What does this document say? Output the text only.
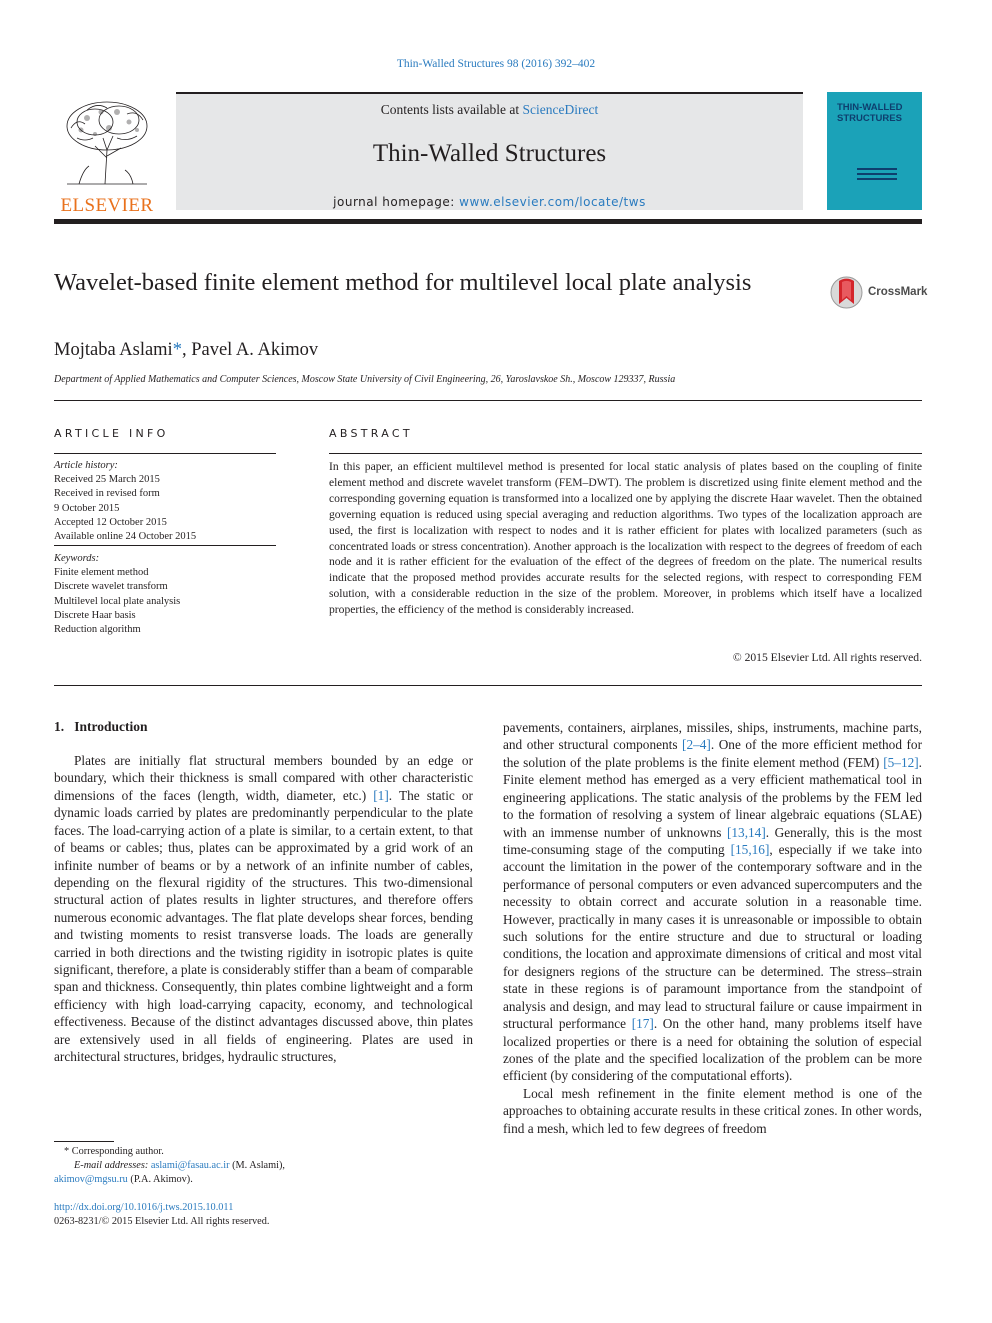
Thin-Walled Structures 98 (2016) 392–402
ELSEVIER
Contents lists available at ScienceDirect
Thin-Walled Structures
journal homepage: www.elsevier.com/locate/tws
THIN-WALLED
STRUCTURES
Wavelet-based finite element method for multilevel local plate analysis	CrossMark
Mojtaba Aslami*, Pavel A. Akimov
Department of Applied Mathematics and Computer Sciences, Moscow State University of Civil Engineering, 26, Yaroslavskoe Sh., Moscow 129337, Russia
ARTICLE INFO
Article history:
Received 25 March 2015
Received in revised form
9 October 2015
Accepted 12 October 2015
Available online 24 October 2015
Keywords:
Finite element method
Discrete wavelet transform
Multilevel local plate analysis
Discrete Haar basis
Reduction algorithm
ABSTRACT
In this paper, an efficient multilevel method is presented for local static analysis of plates based on the coupling of finite element method and discrete wavelet transform (FEM–DWT). The problem is discretized using finite element method and the corresponding governing equation is transformed into a localized one by applying the discrete Haar wavelet. Then the obtained governing equation is reduced using special averaging and reduction algorithms. Two types of the localization approach are used, the first is localization with respect to nodes and it is rather efficient for plates with localized parameters (such as concentrated loads or stress concentration). Another approach is the localization with respect to the degrees of freedom of each node and it is rather efficient for the evaluation of the effect of the degrees of freedom on the plate. The numerical results indicate that the proposed method provides accurate results for the selected regions, with respect to corresponding FEM solution, with a considerable reduction in the size of the problem. Moreover, in problems which itself have a localized properties, the efficiency of the method is considerably increased.
© 2015 Elsevier Ltd. All rights reserved.
1. Introduction

Plates are initially flat structural members bounded by an edge or boundary, which their thickness is small compared with other characteristic dimensions of the faces (length, width, diameter, etc.) [1]. The static or dynamic loads carried by plates are predominantly perpendicular to the plate faces. The load-carrying action of a plate is similar, to a certain extent, to that of beams or cables; thus, plates can be approximated by a grid work of an infinite number of beams or by a network of an infinite number of cables, depending on the flexural rigidity of the structures. This two-dimensional structural action of plates results in lighter structures, and therefore offers numerous economic advantages. The flat plate develops shear forces, bending and twisting moments to resist transverse loads. The loads are generally carried in both directions and the twisting rigidity in isotropic plates is quite significant, therefore, a plate is considerably stiffer than a beam of comparable span and thickness. Consequently, thin plates combine lightweight and a form efficiency with high load-carrying capacity, economy, and technological effectiveness. Because of the distinct advantages discussed above, thin plates are extensively used in all fields of engineering. Plates are used in architectural structures, bridges, hydraulic structures,

pavements, containers, airplanes, missiles, ships, instruments, machine parts, and other structural components [2–4]. One of the more efficient method for the solution of the plate problems is the finite element method (FEM) [5–12]. Finite element method has emerged as a very efficient mathematical tool in engineering applications. The static analysis of the problems by the FEM led to the formation of resolving a system of linear algebraic equations (SLAE) with an immense number of unknowns [13,14]. Generally, this is the most time-consuming stage of the computing [15,16], especially if we take into account the limitation in the power of the contemporary software and in the performance of personal computers or even advanced supercomputers and the necessity to obtain correct and accurate solution in a reasonable time. However, practically in many cases it is unreasonable or impossible to obtain such solutions for the entire structure and due to structural or loading conditions, the location and approximate dimensions of critical and most vital for designers regions of the structure can be determined. The stress–strain state in these regions is of paramount importance from the standpoint of analysis and design, and may lead to structural failure or cause impairment in structural performance [17]. On the other hand, many problems itself have localized properties or there is a need for obtaining the solution of especial zones of the plate and the specified localization of the problem can be more efficient (by considering of the computational efforts).

Local mesh refinement in the finite element method is one of the approaches to obtaining accurate results in these critical zones. In other words, find a mesh, which led to few degrees of freedom

* Corresponding author.
E-mail addresses: aslami@fasau.ac.ir (M. Aslami),
akimov@mgsu.ru (P.A. Akimov).
http://dx.doi.org/10.1016/j.tws.2015.10.011
0263-8231/© 2015 Elsevier Ltd. All rights reserved.
